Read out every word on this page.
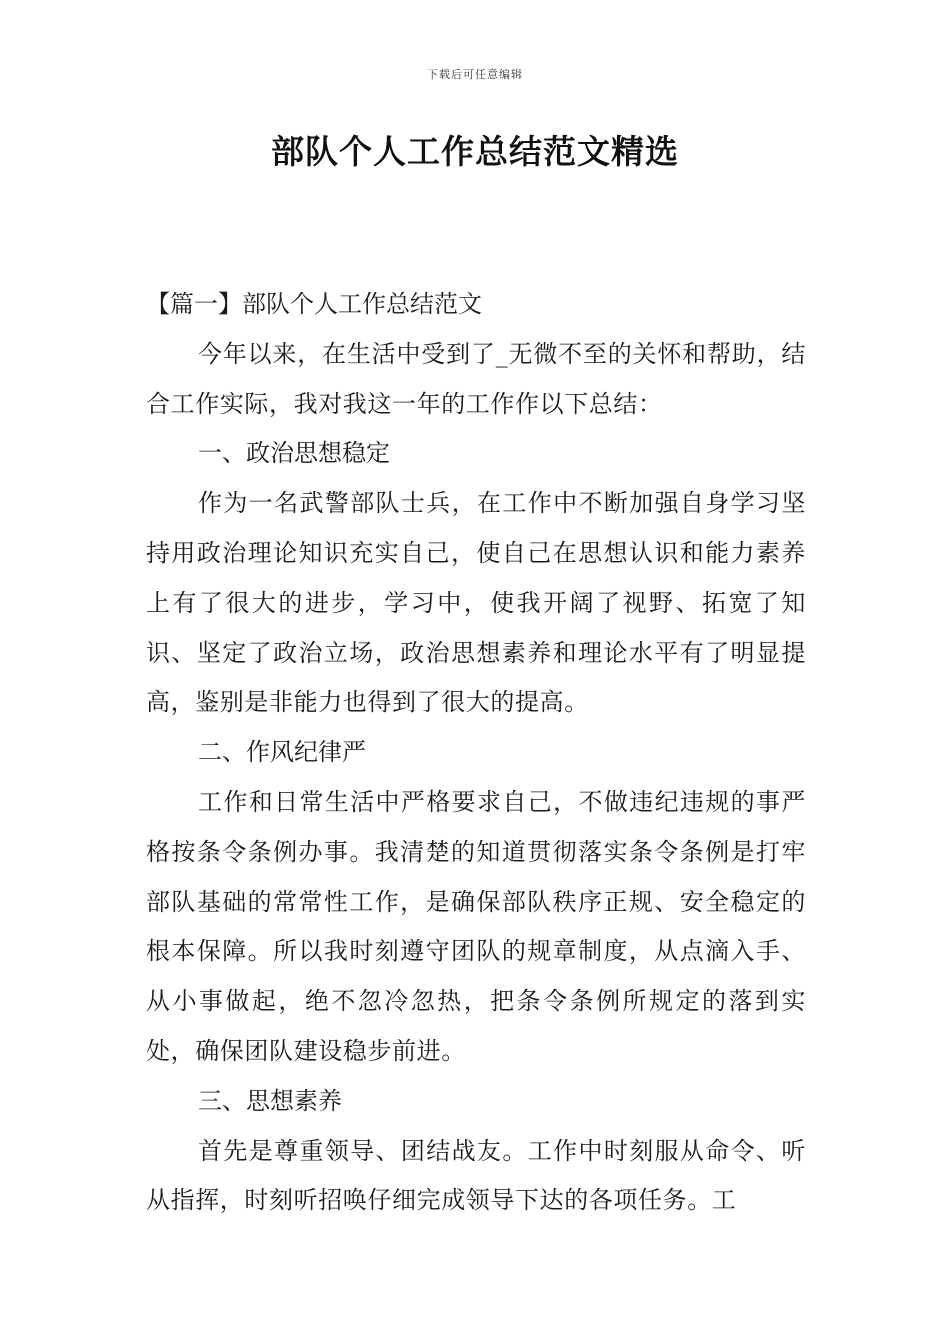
下载后可任意编辑
部队个人工作总结范文精选

【篇一】部队个人工作总结范文

今年以来，在生活中受到了_无微不至的关怀和帮助，结合工作实际，我对我这一年的工作作以下总结：

一、政治思想稳定

作为一名武警部队士兵，在工作中不断加强自身学习坚持用政治理论知识充实自己，使自己在思想认识和能力素养上有了很大的进步，学习中，使我开阔了视野、拓宽了知识、坚定了政治立场，政治思想素养和理论水平有了明显提高，鉴别是非能力也得到了很大的提高。

二、作风纪律严

工作和日常生活中严格要求自己，不做违纪违规的事严格按条令条例办事。我清楚的知道贯彻落实条令条例是打牢部队基础的常常性工作，是确保部队秩序正规、安全稳定的根本保障。所以我时刻遵守团队的规章制度，从点滴入手、从小事做起，绝不忽冷忽热，把条令条例所规定的落到实处，确保团队建设稳步前进。

三、思想素养

首先是尊重领导、团结战友。工作中时刻服从命令、听从指挥，时刻听招唤仔细完成领导下达的各项任务。工
